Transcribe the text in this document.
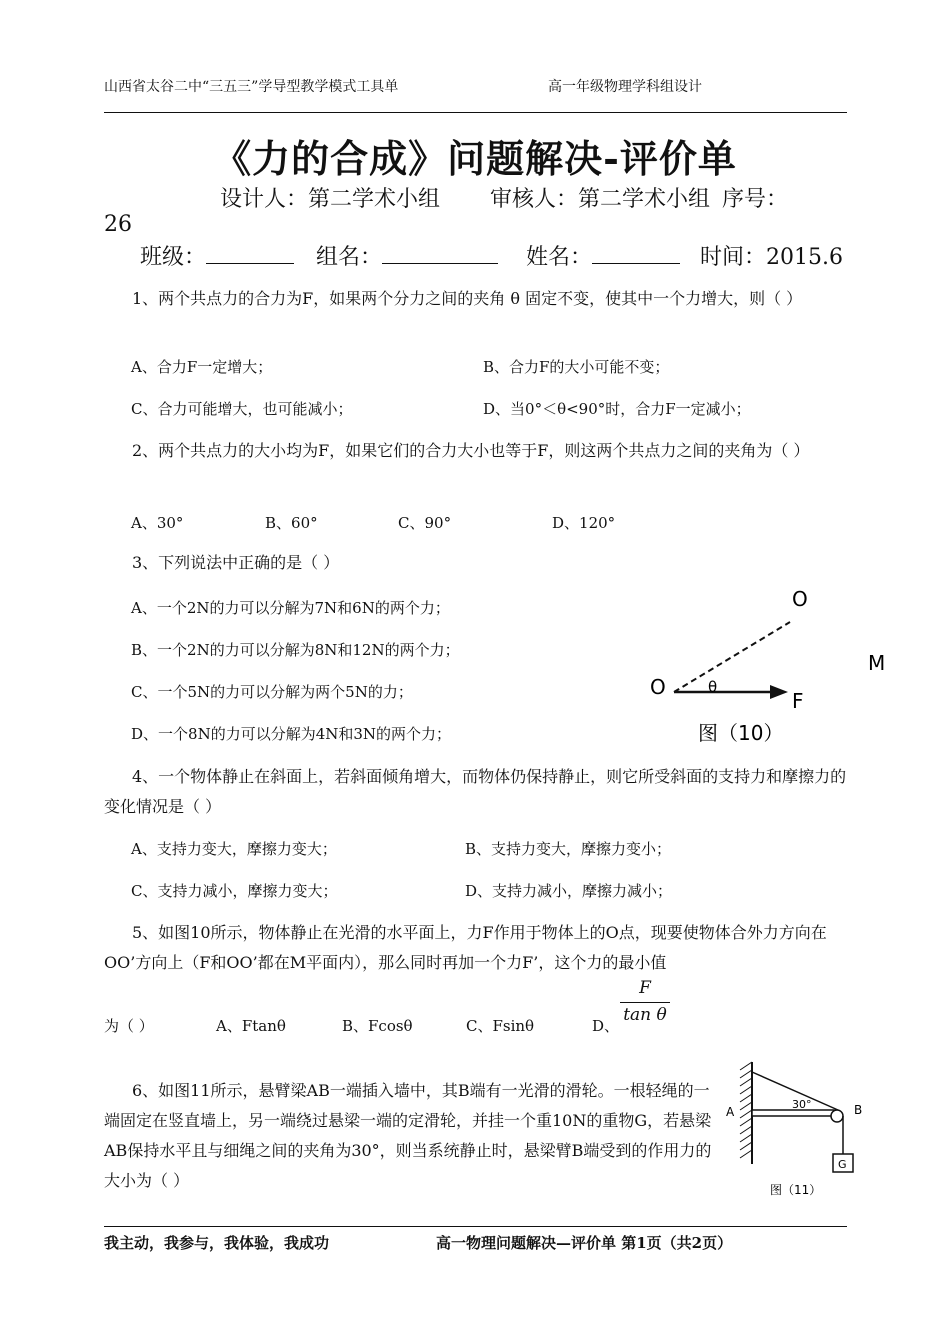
山西省太谷二中“三五三”学导型教学模式工具单	高一年级物理学科组设计
《力的合成》问题解决-评价单
设计人：第二学术小组 审核人：第二学术小组 序号：
26
班级：	组名：	姓名：	时间：2015.6
1、两个共点力的合力为F，如果两个分力之间的夹角 θ 固定不变，使其中一个力增大，则（ ）
A、合力F一定增大；	B、合力F的大小可能不变；
C、合力可能增大，也可能减小；	D、当0°＜θ<90°时，合力F一定减小；
2、两个共点力的大小均为F，如果它们的合力大小也等于F，则这两个共点力之间的夹角为（ ）
A、30°	B、60°	C、90°	D、120°
3、下列说法中正确的是（ ）
A、一个2N的力可以分解为7N和6N的两个力；
B、一个2N的力可以分解为8N和12N的两个力；
C、一个5N的力可以分解为两个5N的力；
D、一个8N的力可以分解为4N和3N的两个力；
O
O	θ
F
图（10）
M
4、一个物体静止在斜面上，若斜面倾角增大，而物体仍保持静止，则它所受斜面的支持力和摩擦力的变化情况是（ ）
A、支持力变大，摩擦力变大；	B、支持力变大，摩擦力变小；
C、支持力减小，摩擦力变大；	D、支持力减小，摩擦力减小；
5、如图10所示，物体静止在光滑的水平面上，力F作用于物体上的O点，现要使物体合外力方向在OO’方向上（F和OO’都在M平面内），那么同时再加一个力F’，这个力的最小值
为（ ）	A、Ftanθ	B、Fcosθ	C、Fsinθ	D、
F
tan θ
6、如图11所示，悬臂梁AB一端插入墙中，其B端有一光滑的滑轮。一根轻绳的一端固定在竖直墙上，另一端绕过悬梁一端的定滑轮，并挂一个重10N的重物G，若悬梁AB保持水平且与细绳之间的夹角为30°，则当系统静止时，悬梁臂B端受到的作用力的大小为（ ）
G
A	B
30°
图（11）
我主动，我参与，我体验，我成功	高一物理问题解决—评价单 第1页（共2页）
